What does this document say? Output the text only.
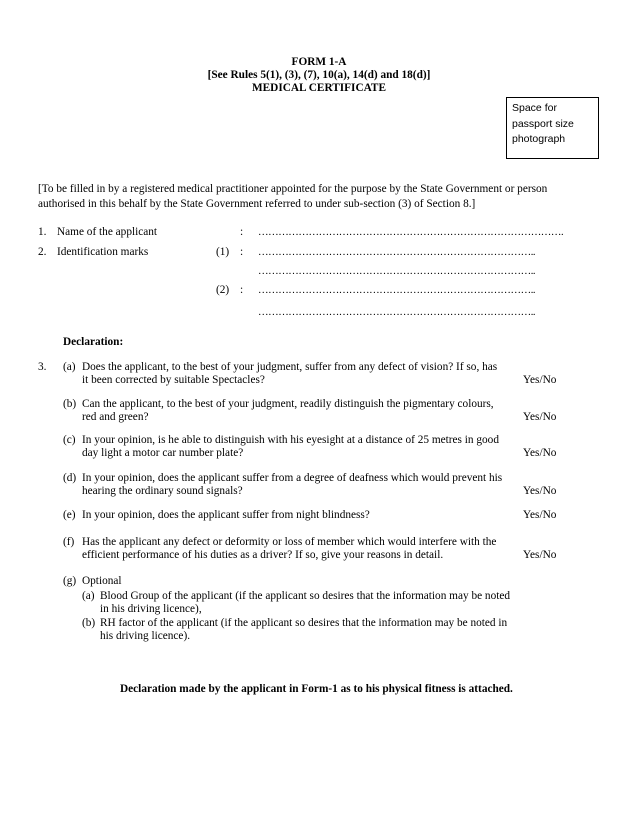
FORM 1-A
[See Rules 5(1), (3), (7), 10(a), 14(d) and 18(d)]
MEDICAL CERTIFICATE
Space for
passport size
photograph
[To be filled in by a registered medical practitioner appointed for the purpose by the State Government or person
authorised in this behalf by the State Government referred to under sub-section (3) of Section 8.]
1. Name of the applicant	: ……………………………………………………………………………….
2. Identification marks	(1) : ………………………………………………………………………..
………………………………………………………………………..
(2) : ………………………………………………………………………..
………………………………………………………………………..
Declaration:
3. (a) Does the applicant, to the best of your judgment, suffer from any defect of vision? If so, has
it been corrected by suitable Spectacles?	Yes/No
(b) Can the applicant, to the best of your judgment, readily distinguish the pigmentary colours,
red and green?	Yes/No
(c) In your opinion, is he able to distinguish with his eyesight at a distance of 25 metres in good
day light a motor car number plate?	Yes/No
(d) In your opinion, does the applicant suffer from a degree of deafness which would prevent his
hearing the ordinary sound signals?	Yes/No
(e) In your opinion, does the applicant suffer from night blindness?	Yes/No
(f) Has the applicant any defect or deformity or loss of member which would interfere with the
efficient performance of his duties as a driver? If so, give your reasons in detail.	Yes/No
(g) Optional
(a) Blood Group of the applicant (if the applicant so desires that the information may be noted
in his driving licence),
(b) RH factor of the applicant (if the applicant so desires that the information may be noted in
his driving licence).
Declaration made by the applicant in Form-1 as to his physical fitness is attached.
